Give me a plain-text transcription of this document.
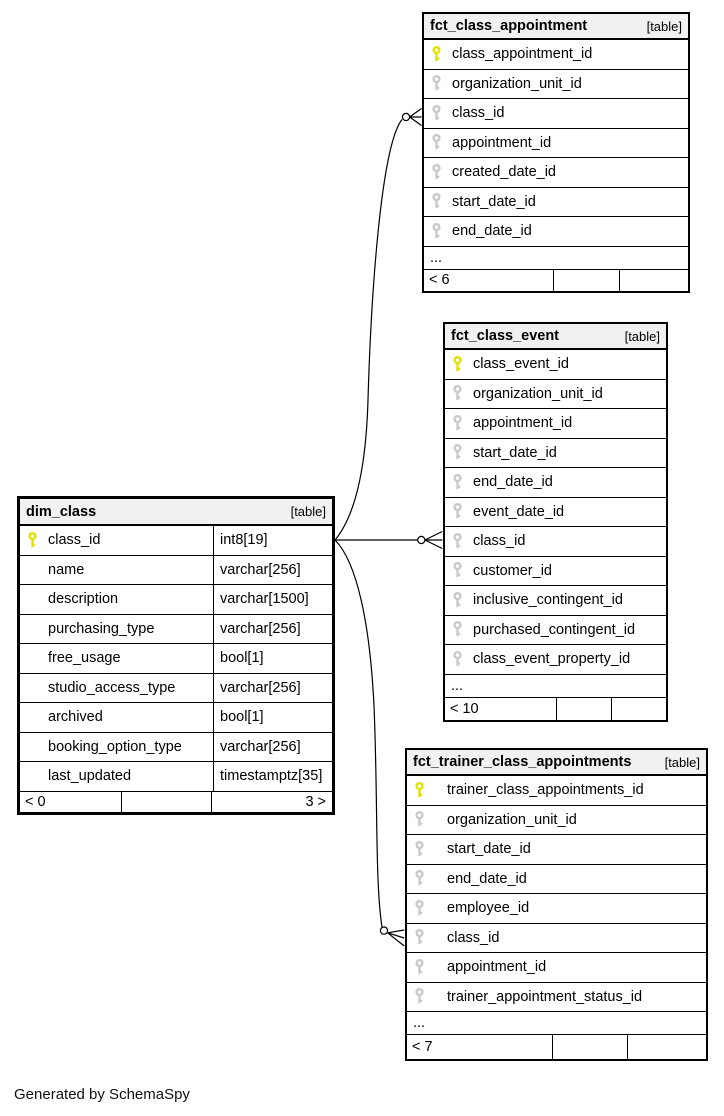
fct_class_appointment	[table]
class_appointment_id
organization_unit_id
class_id
appointment_id
created_date_id
start_date_id
end_date_id
...
< 6
fct_class_event	[table]
class_event_id
organization_unit_id
appointment_id
start_date_id
end_date_id
event_date_id
class_id
customer_id
inclusive_contingent_id
purchased_contingent_id
class_event_property_id
...
< 10
dim_class	[table]
class_id	int8[19]
name	varchar[256]
description	varchar[1500]
purchasing_type	varchar[256]
free_usage	bool[1]
studio_access_type	varchar[256]
archived	bool[1]
booking_option_type	varchar[256]
last_updated	timestamptz[35]
< 0	3 >
fct_trainer_class_appointments	[table]
trainer_class_appointments_id
organization_unit_id
start_date_id
end_date_id
employee_id
class_id
appointment_id
trainer_appointment_status_id
...
< 7
Generated by SchemaSpy
